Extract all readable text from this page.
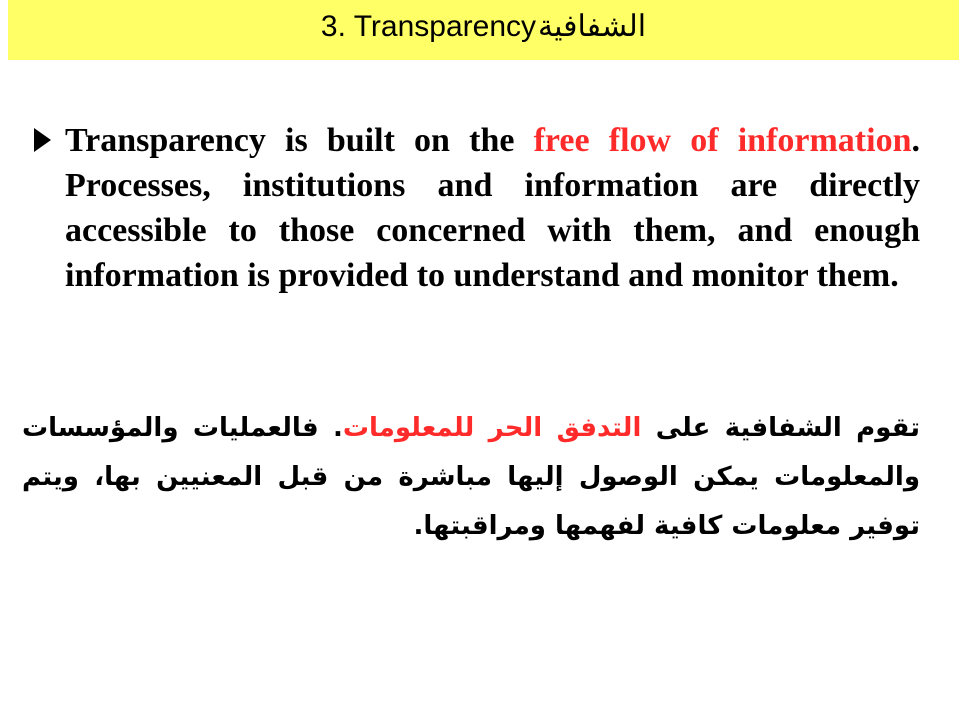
3. Transparencyالشفافية
Transparency is built on the free flow of information. Processes, institutions and information are directly accessible to those concerned with them, and enough information is provided to understand and monitor them.
تقوم الشفافية على التدفق الحر للمعلومات. فالعمليات والمؤسسات والمعلومات يمكن الوصول إليها مباشرة من قبل المعنيين بها، ويتم توفير معلومات كافية لفهمها ومراقبتها.
